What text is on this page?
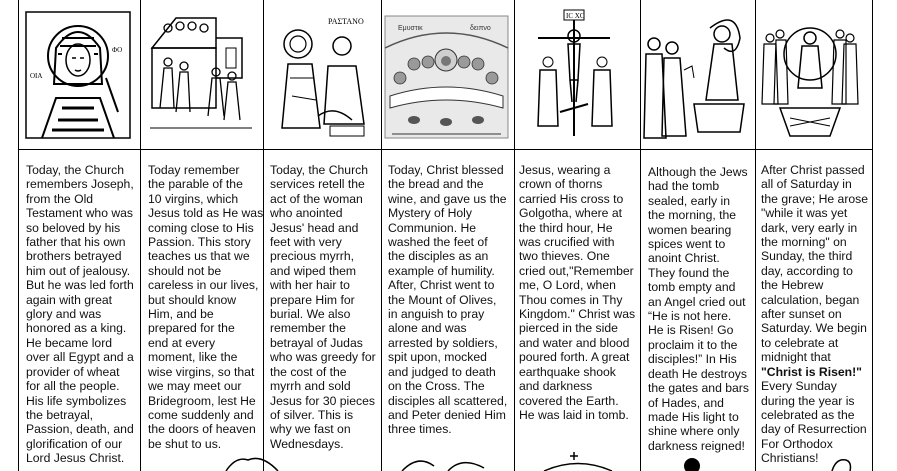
OIA
ΦΟ
ΡΑΣΤΑΝΟ
Εμυστικ	δειπνο
IC XC
Today, the Church
remembers Joseph,
from the Old
Testament who was
so beloved by his
father that his own
brothers betrayed
him out of jealousy.
But he was led forth
again with great
glory and was
honored as a king.
He became lord
over all Egypt and a
provider of wheat
for all the people.
His life symbolizes
the betrayal,
Passion, death, and
glorification of our
Lord Jesus Christ.
Today remember
the parable of the
10 virgins, which
Jesus told as He was
coming close to His
Passion. This story
teaches us that we
should not be
careless in our lives,
but should know
Him, and be
prepared for the
end at every
moment, like the
wise virgins, so that
we may meet our
Bridegroom, lest He
come suddenly and
the doors of heaven
be shut to us.
Today, the Church
services retell the
act of the woman
who anointed
Jesus' head and
feet with very
precious myrrh,
and wiped them
with her hair to
prepare Him for
burial. We also
remember the
betrayal of Judas
who was greedy for
the cost of the
myrrh and sold
Jesus for 30 pieces
of silver. This is
why we fast on
Wednesdays.
Today, Christ blessed
the bread and the
wine, and gave us the
Mystery of Holy
Communion. He
washed the feet of
the disciples as an
example of humility.
After, Christ went to
the Mount of Olives,
in anguish to pray
alone and was
arrested by soldiers,
spit upon, mocked
and judged to death
on the Cross. The
disciples all scattered,
and Peter denied Him
three times.
Jesus, wearing a
crown of thorns
carried His cross to
Golgotha, where at
the third hour, He
was crucified with
two thieves. One
cried out,"Remember
me, O Lord, when
Thou comes in Thy
Kingdom." Christ was
pierced in the side
and water and blood
poured forth. A great
earthquake shook
and darkness
covered the Earth.
He was laid in tomb.
Although the Jews
had the tomb
sealed, early in
the morning, the
women bearing
spices went to
anoint Christ.
They found the
tomb empty and
an Angel cried out
“He is not here.
He is Risen! Go
proclaim it to the
disciples!” In His
death He destroys
the gates and bars
of Hades, and
made His light to
shine where only
darkness reigned!
After Christ passed
all of Saturday in
the grave; He arose
"while it was yet
dark, very early in
the morning" on
Sunday, the third
day, according to
the Hebrew
calculation, began
after sunset on
Saturday. We begin
to celebrate at
midnight that
"Christ is Risen!"
Every Sunday
during the year is
celebrated as the
day of Resurrection
For Orthodox
Christians!
